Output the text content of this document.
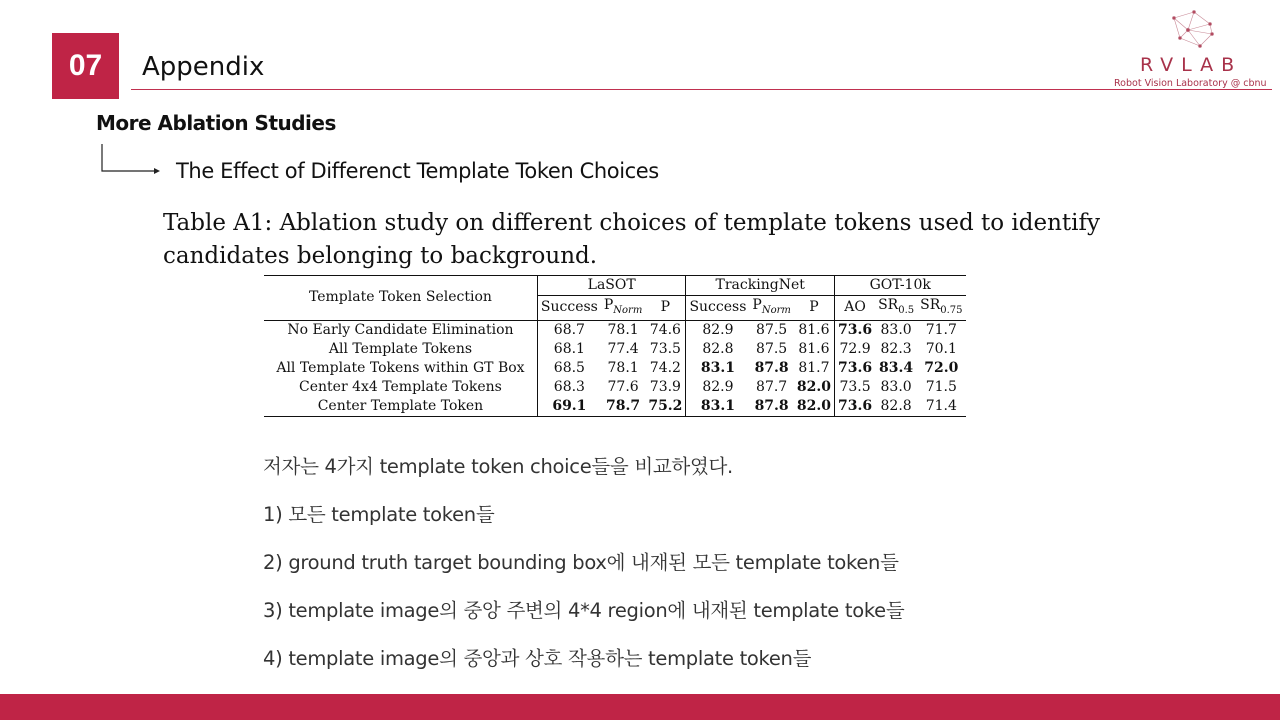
07 Appendix	RVLAB
Robot Vision Laboratory @ cbnu
More Ablation Studies
The Effect of Differenct Template Token Choices
Table A1: Ablation study on different choices of template tokens used to identify candidates belonging to background.
Template Token Selection	LaSOT			TrackingNet			GOT-10k		
	Success	$P_{Norm}$	P	Success	$P_{Norm}$	P	AO	$SR_{0.5}$	$SR_{0.75}$
No Early Candidate Elimination	68.7	78.1	74.6	82.9	87.5	81.6	73.6	83.0	71.7
All Template Tokens	68.1	77.4	73.5	82.8	87.5	81.6	72.9	82.3	70.1
All Template Tokens within GT Box	68.5	78.1	74.2	83.1	87.8	81.7	73.6	83.4	72.0
Center 4x4 Template Tokens	68.3	77.6	73.9	82.9	87.7	82.0	73.5	83.0	71.5
Center Template Token	69.1	78.7	75.2	83.1	87.8	82.0	73.6	82.8	71.4
저자는 4가지 template token choice들을 비교하였다.
1) 모든 template token들
2) ground truth target bounding box에 내재된 모든 template token들
3) template image의 중앙 주변의 4*4 region에 내재된 template toke들
4) template image의 중앙과 상호 작용하는 template token들
